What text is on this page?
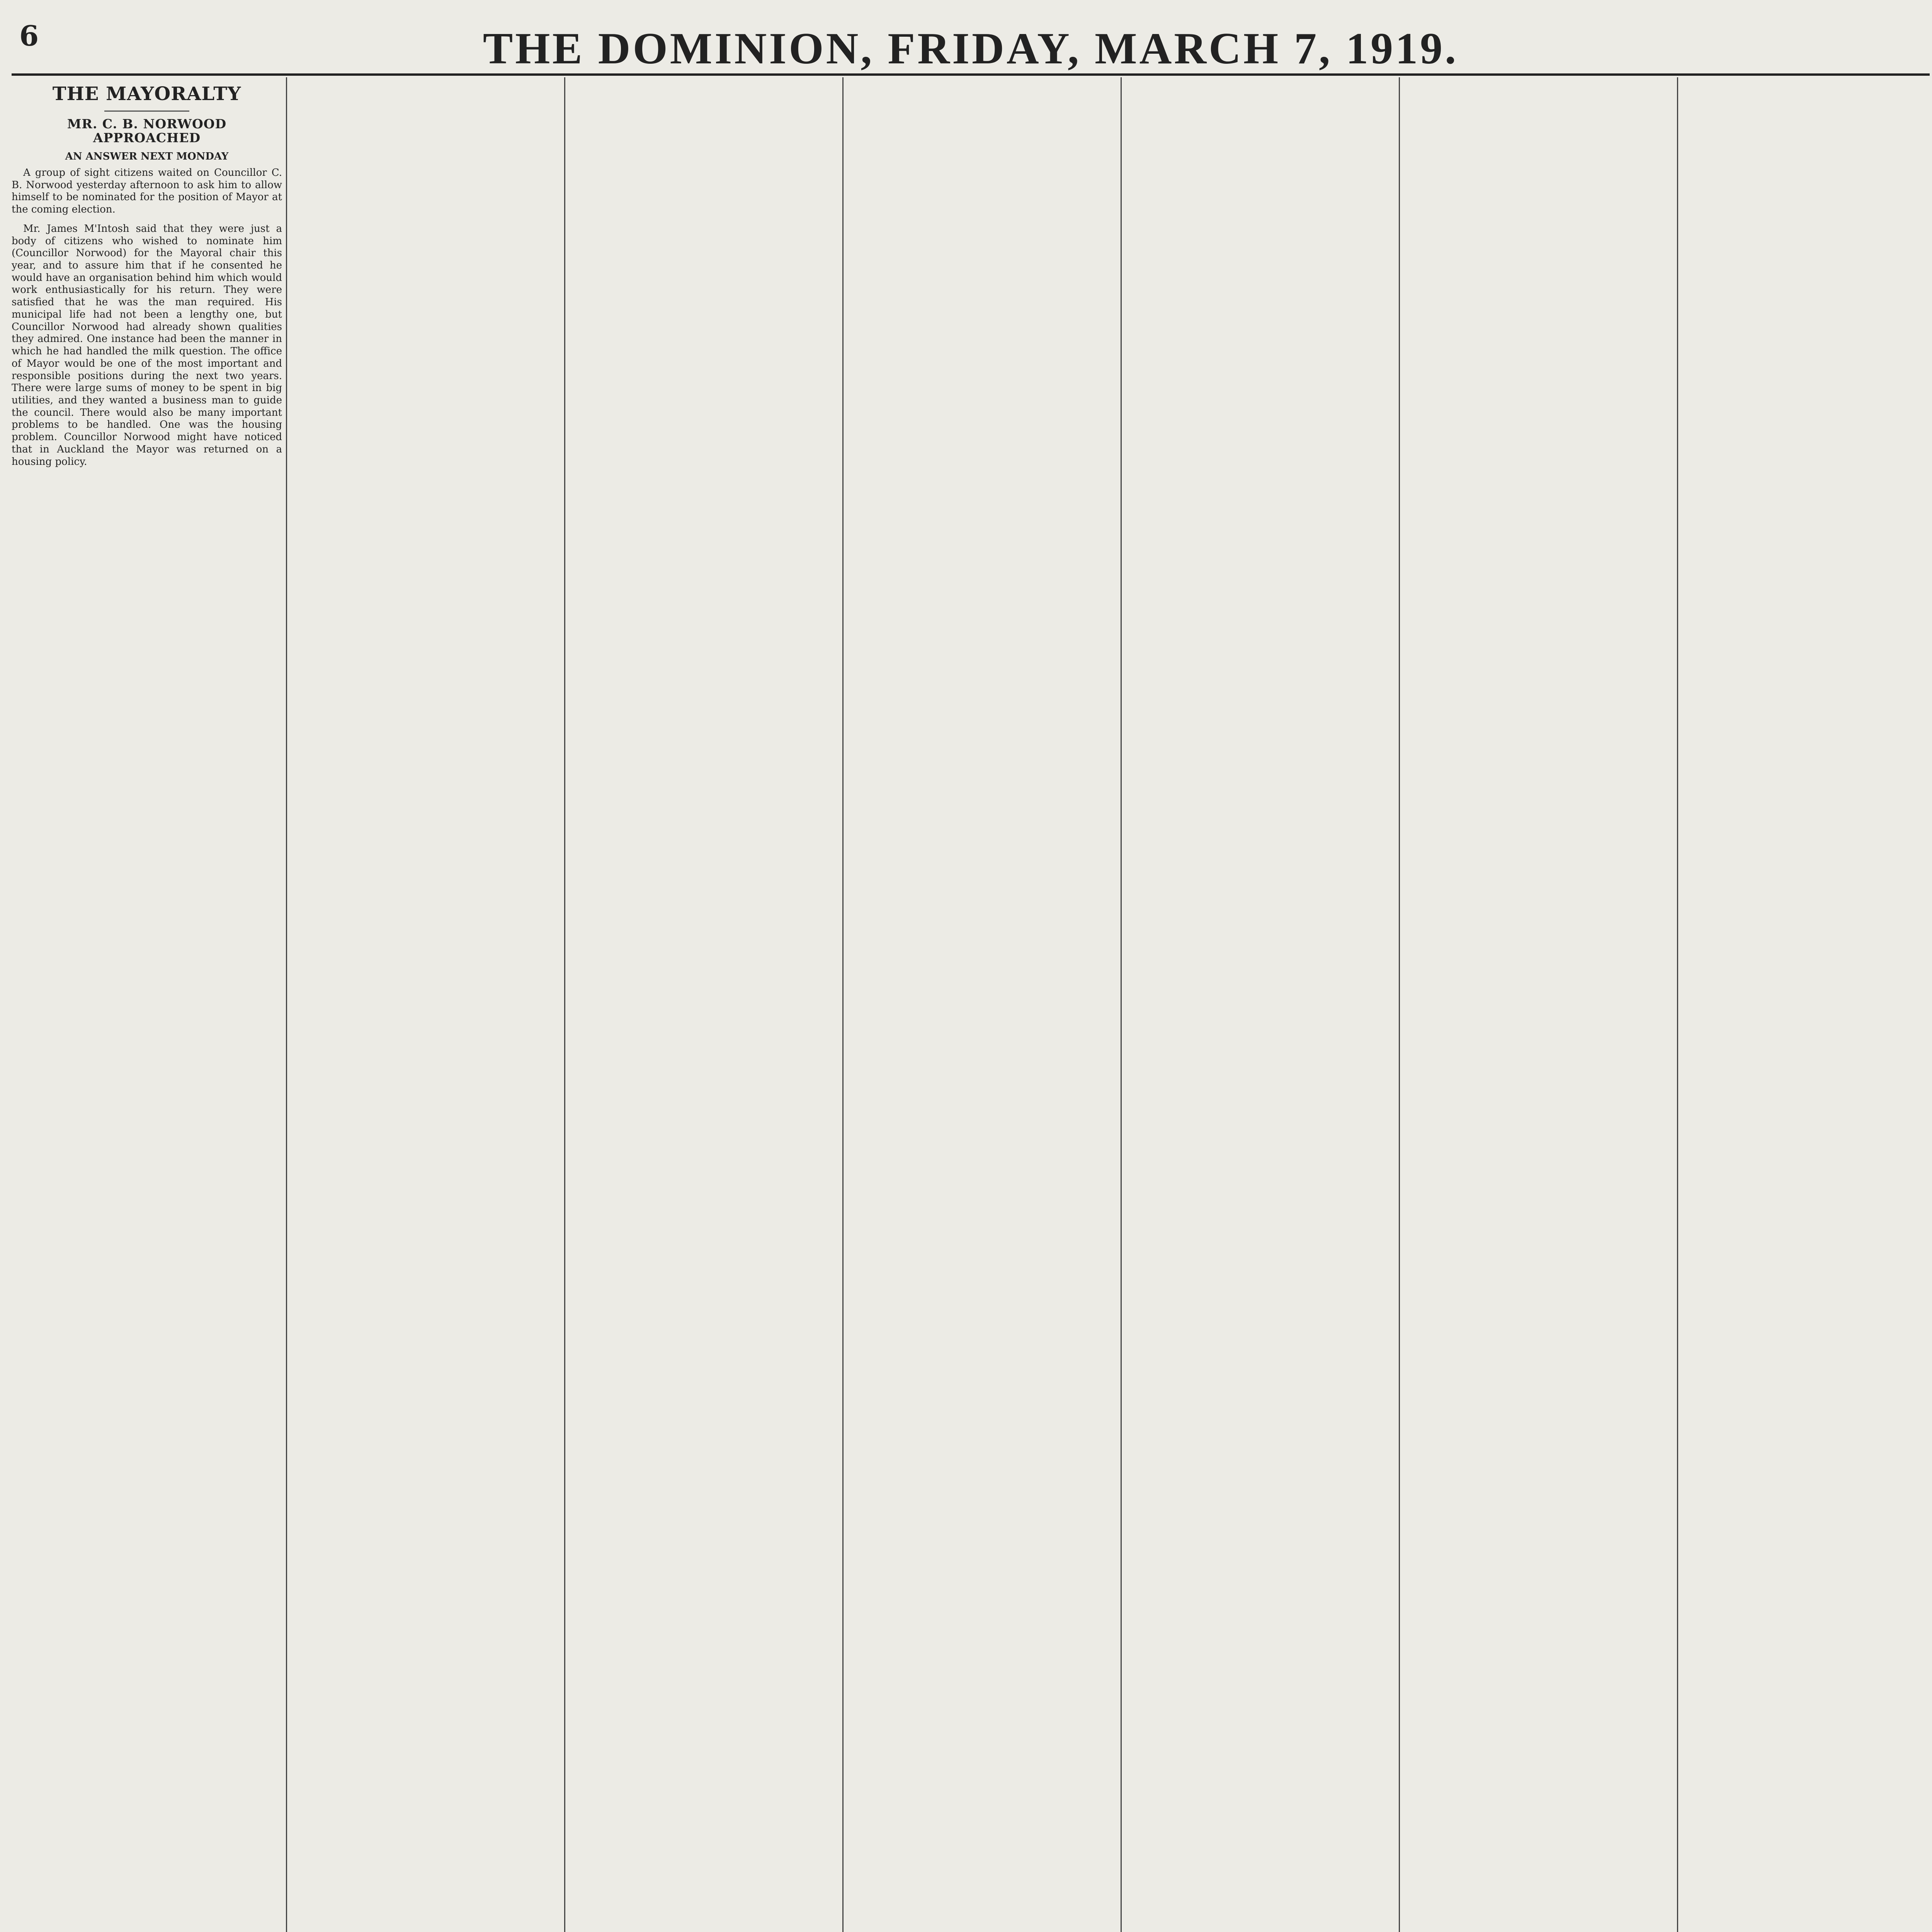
6	THE DOMINION, FRIDAY, MARCH 7, 1919.
THE MAYORALTY
MR. C. B. NORWOOD APPROACHED
AN ANSWER NEXT MONDAY

A group of sight citizens waited on Councillor C. B. Norwood yesterday afternoon to ask him to allow himself to be nominated for the position of Mayor at the coming election.

Mr. James M'Intosh said that they were just a body of citizens who wished to nominate him (Councillor Norwood) for the Mayoral chair this year, and to assure him that if he consented he would have an organisation behind him which would work enthusiastically for his return. They were satisfied that he was the man required. His municipal life had not been a lengthy one, but Councillor Norwood had already shown qualities they admired. One instance had been the manner in which he had handled the milk question. The office of Mayor would be one of the most important and responsible positions during the next two years. There were large sums of money to be spent in big utilities, and they wanted a business man to guide the council. There would also be many important problems to be handled. One was the housing problem. Councillor Norwood might have noticed that in Auckland the Mayor was returned on a housing policy.
